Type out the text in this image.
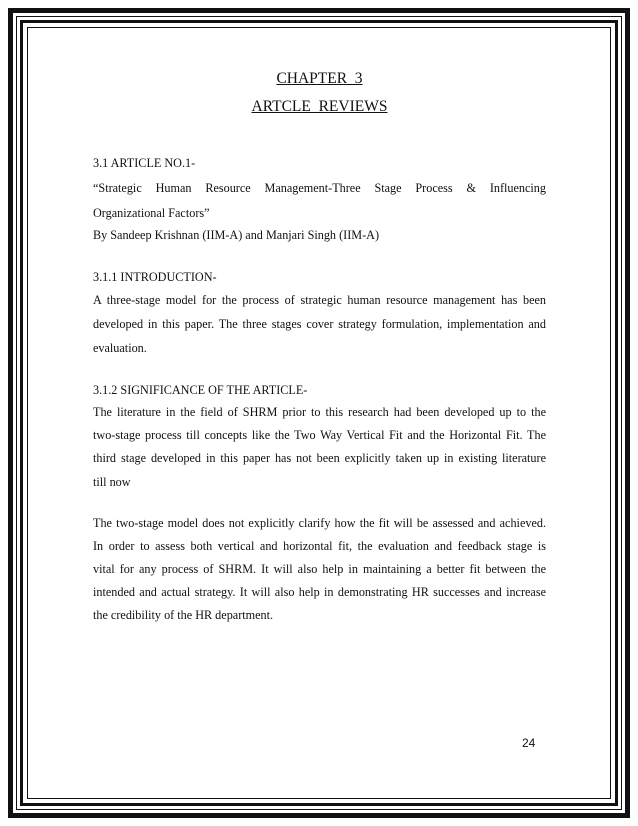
CHAPTER  3
ARTCLE  REVIEWS
3.1 ARTICLE NO.1-
“Strategic Human Resource Management-Three Stage Process & Influencing
Organizational Factors”
By Sandeep Krishnan (IIM-A) and Manjari Singh (IIM-A)
3.1.1 INTRODUCTION-
A three-stage model for the process of strategic human resource management has been
developed in this paper. The three stages cover strategy formulation, implementation and
evaluation.
3.1.2 SIGNIFICANCE OF THE ARTICLE-
The literature in the field of SHRM prior to this research had been developed up to the
two-stage process till concepts like the Two Way Vertical Fit and the Horizontal Fit. The
third stage developed in this paper has not been explicitly taken up in existing literature
till now
The two-stage model does not explicitly clarify how the fit will be assessed and achieved.
In order to assess both vertical and horizontal fit, the evaluation and feedback stage is
vital for any process of SHRM. It will also help in maintaining a better fit between the
intended and actual strategy. It will also help in demonstrating HR successes and increase
the credibility of the HR department.
24
